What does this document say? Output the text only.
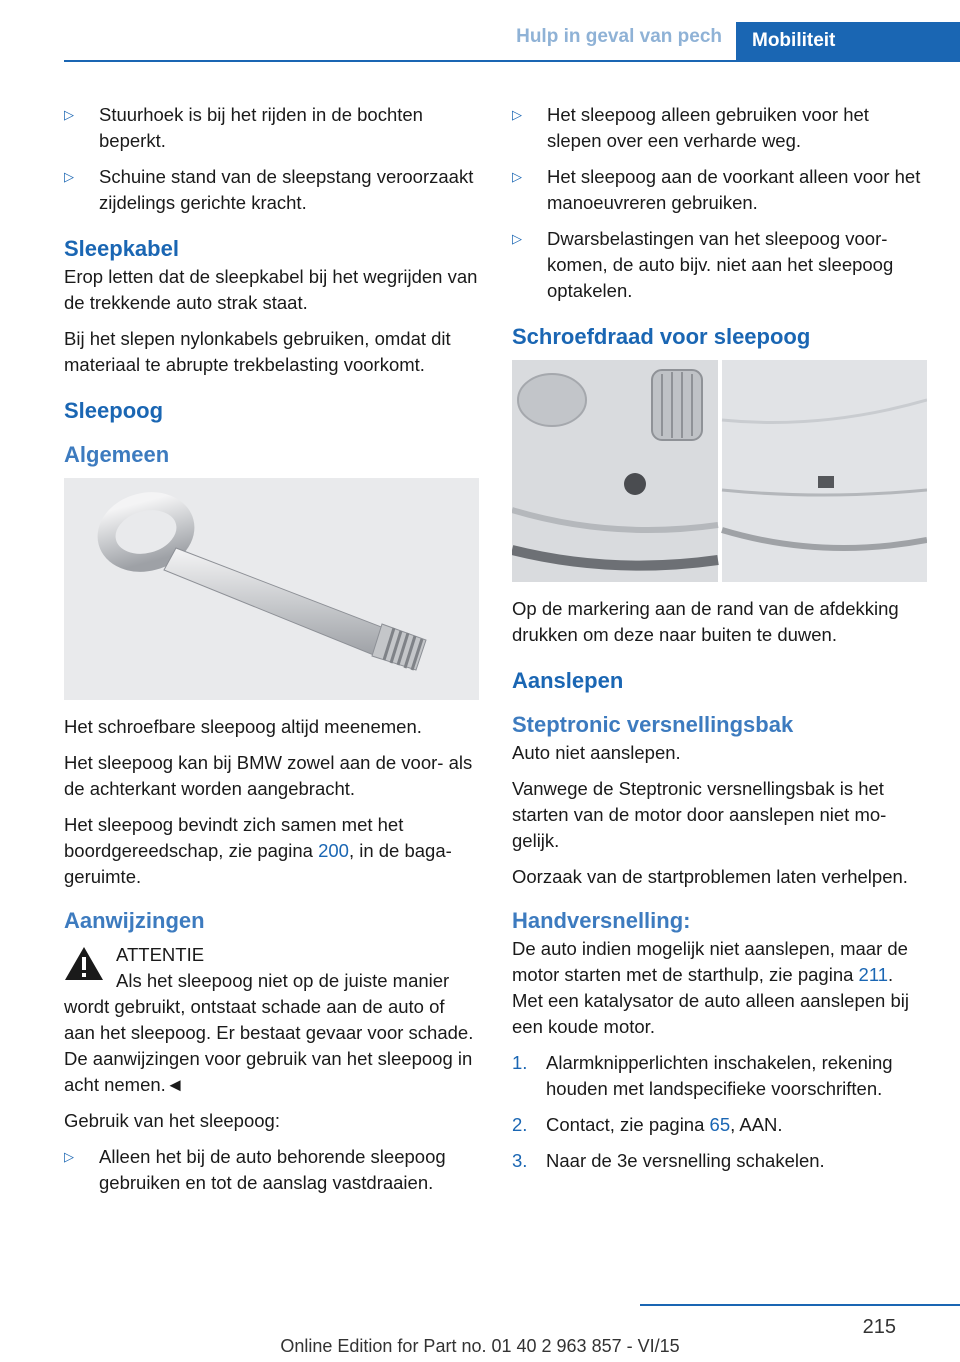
Hulp in geval van pech	Mobiliteit
▷ Stuurhoek is bij het rijden in de bochten beperkt.
▷ Schuine stand van de sleepstang veroorzaakt zijdelings gerichte kracht.
Sleepkabel

Erop letten dat de sleepkabel bij het wegrijden van de trekkende auto strak staat.

Bij het slepen nylonkabels gebruiken, omdat dit materiaal te abrupte trekbelasting voorkomt.

Sleepoog
Algemeen

Het schroefbare sleepoog altijd meenemen.

Het sleepoog kan bij BMW zowel aan de voor- als de achterkant worden aangebracht.

Het sleepoog bevindt zich samen met het boordgereedschap, zie pagina 200, in de bagageruimte.

Aanwijzingen
ATTENTIE
Als het sleepoog niet op de juiste manier wordt gebruikt, ontstaat schade aan de auto of aan het sleepoog. Er bestaat gevaar voor schade. De aanwijzingen voor gebruik van het sleepoog in acht nemen.◄

Gebruik van het sleepoog:

▷ Alleen het bij de auto behorende sleepoog gebruiken en tot de aanslag vastdraaien.
▷ Het sleepoog alleen gebruiken voor het slepen over een verharde weg.
▷ Het sleepoog aan de voorkant alleen voor het manoeuvreren gebruiken.
▷ Dwarsbelastingen van het sleepoog voorkomen, de auto bijv. niet aan het sleepoog optakelen.
Schroefdraad voor sleepoog

Op de markering aan de rand van de afdekking drukken om deze naar buiten te duwen.

Aanslepen
Steptronic versnellingsbak

Auto niet aanslepen.

Vanwege de Steptronic versnellingsbak is het starten van de motor door aanslepen niet mogelijk.

Oorzaak van de startproblemen laten verhelpen.

Handversnelling:

De auto indien mogelijk niet aanslepen, maar de motor starten met de starthulp, zie pagina 211. Met een katalysator de auto alleen aanslepen bij een koude motor.

1. Alarmknipperlichten inschakelen, rekening houden met landspecifieke voorschriften.
2. Contact, zie pagina 65, AAN.
3. Naar de 3e versnelling schakelen.
215
Online Edition for Part no. 01 40 2 963 857 - VI/15
